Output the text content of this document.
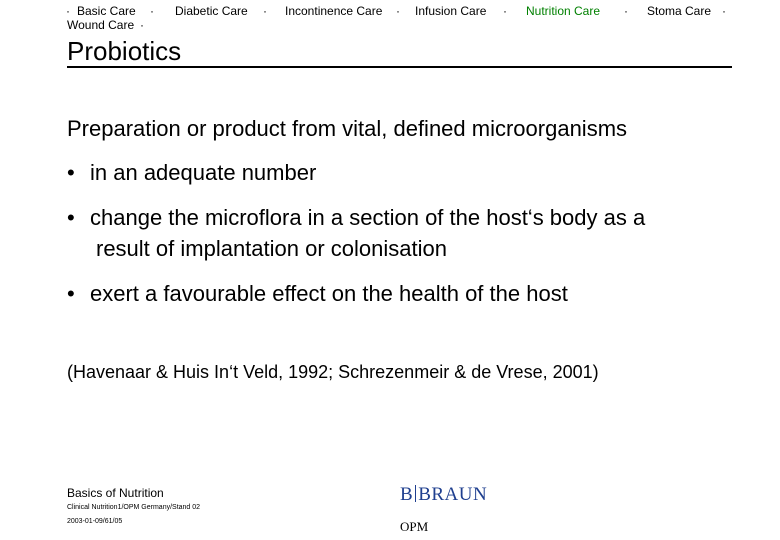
· Basic Care · Diabetic Care · Incontinence Care · Infusion Care · Nutrition Care · Stoma Care ·
Wound Care ·
Probiotics
Preparation or product from vital, defined microorganisms
• in an adequate number
• change the microflora in a section of the host‘s body as a
result of implantation or colonisation
• exert a favourable effect on the health of the host
(Havenaar & Huis In‘t Veld, 1992; Schrezenmeir & de Vrese, 2001)
Basics of Nutrition
Clinical Nutrition1/OPM Germany/Stand 02
2003-01-09/61/05
B BRAUN
OPM
